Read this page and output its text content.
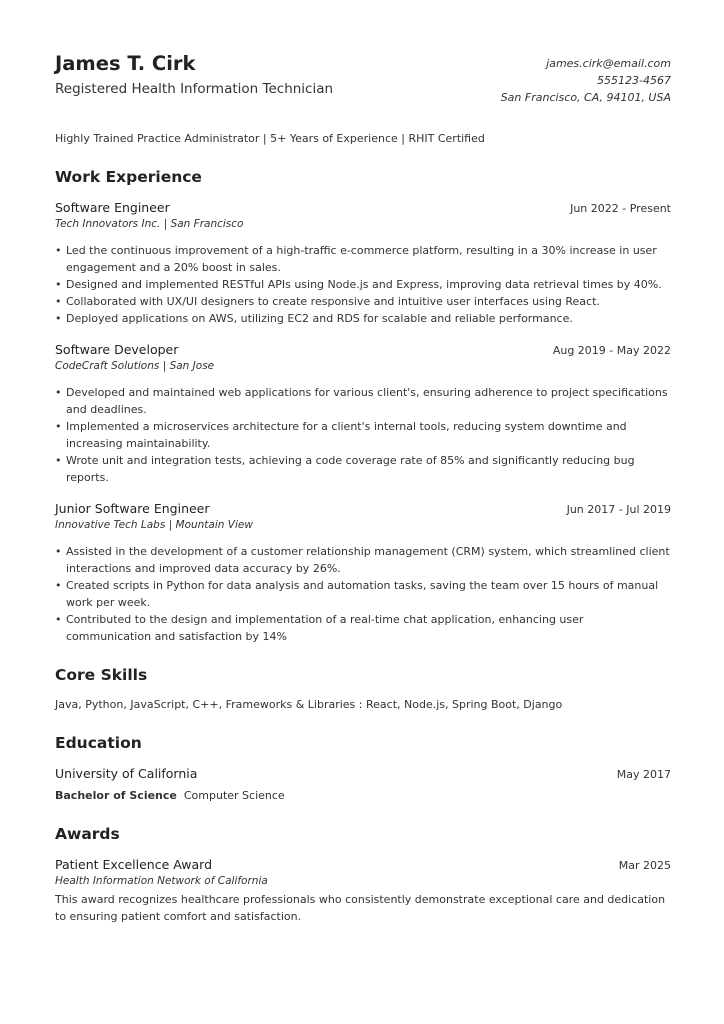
James T. Cirk
Registered Health Information Technician
james.cirk@email.com
555123-4567
San Francisco, CA, 94101, USA
Highly Trained Practice Administrator | 5+ Years of Experience | RHIT Certified
Work Experience
Software Engineer	Jun 2022 - Present
Tech Innovators Inc. | San Francisco
• Led the continuous improvement of a high-traffic e-commerce platform, resulting in a 30% increase in user engagement and a 20% boost in sales.
• Designed and implemented RESTful APIs using Node.js and Express, improving data retrieval times by 40%.
• Collaborated with UX/UI designers to create responsive and intuitive user interfaces using React.
• Deployed applications on AWS, utilizing EC2 and RDS for scalable and reliable performance.
Software Developer	Aug 2019 - May 2022
CodeCraft Solutions | San Jose
• Developed and maintained web applications for various client's, ensuring adherence to project specifications and deadlines.
• Implemented a microservices architecture for a client's internal tools, reducing system downtime and increasing maintainability.
• Wrote unit and integration tests, achieving a code coverage rate of 85% and significantly reducing bug reports.
Junior Software Engineer	Jun 2017 - Jul 2019
Innovative Tech Labs | Mountain View
• Assisted in the development of a customer relationship management (CRM) system, which streamlined client interactions and improved data accuracy by 26%.
• Created scripts in Python for data analysis and automation tasks, saving the team over 15 hours of manual work per week.
• Contributed to the design and implementation of a real-time chat application, enhancing user communication and satisfaction by 14%
Core Skills
Java, Python, JavaScript, C++, Frameworks & Libraries : React, Node.js, Spring Boot, Django
Education
University of California	May 2017
Bachelor of Science Computer Science
Awards
Patient Excellence Award	Mar 2025
Health Information Network of California
This award recognizes healthcare professionals who consistently demonstrate exceptional care and dedication to ensuring patient comfort and satisfaction.
